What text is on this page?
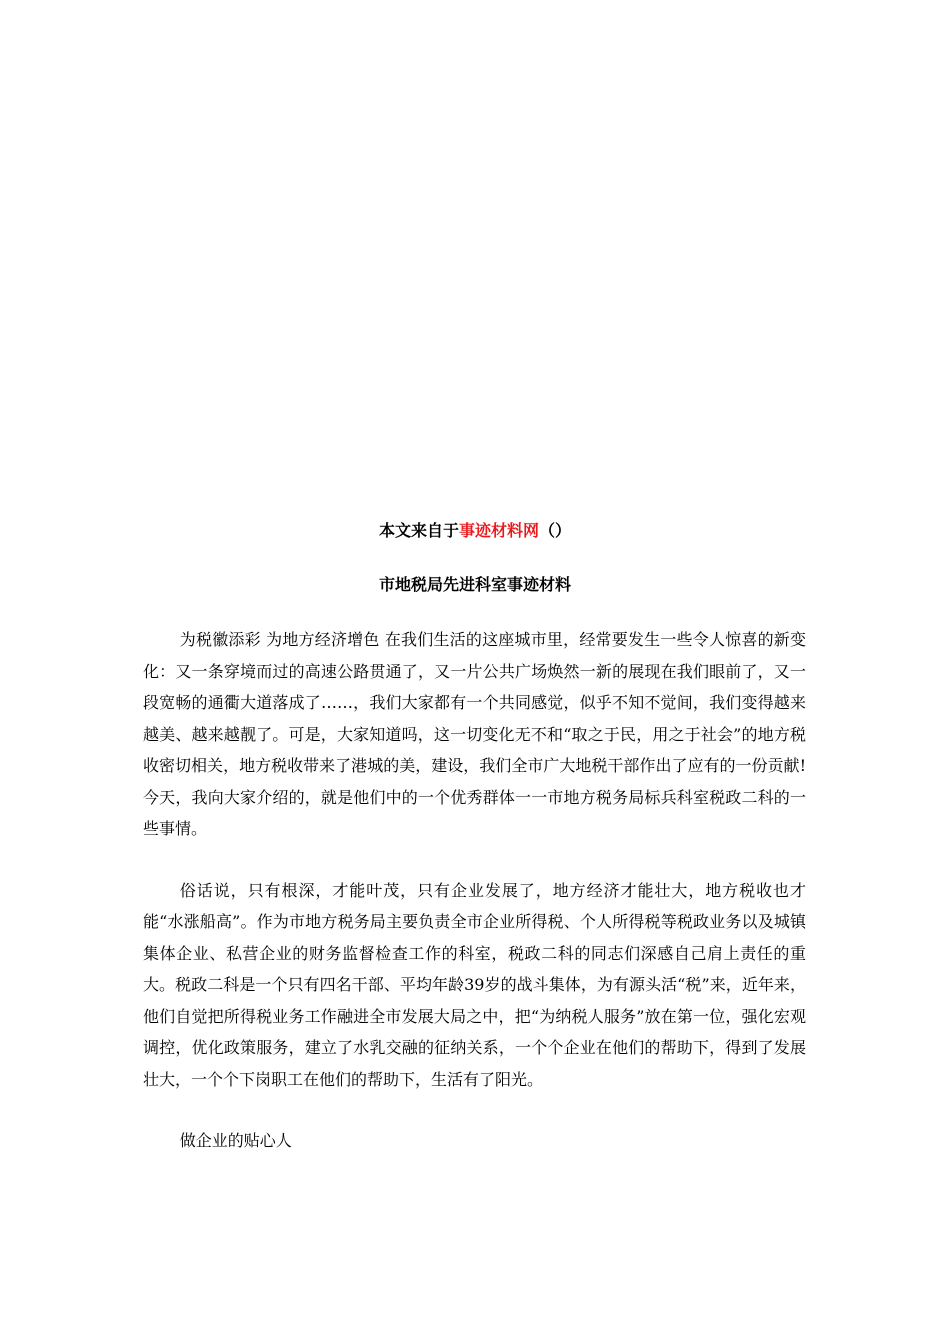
本文来自于事迹材料网（）
市地税局先进科室事迹材料

为税徽添彩 为地方经济增色 在我们生活的这座城市里，经常要发生一些令人惊喜的新变化：又一条穿境而过的高速公路贯通了，又一片公共广场焕然一新的展现在我们眼前了，又一段宽畅的通衢大道落成了……，我们大家都有一个共同感觉，似乎不知不觉间，我们变得越来越美、越来越靓了。可是，大家知道吗，这一切变化无不和“取之于民，用之于社会”的地方税收密切相关，地方税收带来了港城的美，建设，我们全市广大地税干部作出了应有的一份贡献!今天，我向大家介绍的，就是他们中的一个优秀群体一一市地方税务局标兵科室税政二科的一些事情。

俗话说，只有根深，才能叶茂，只有企业发展了，地方经济才能壮大，地方税收也才能“水涨船高”。作为市地方税务局主要负责全市企业所得税、个人所得税等税政业务以及城镇集体企业、私营企业的财务监督检查工作的科室，税政二科的同志们深感自己肩上责任的重大。税政二科是一个只有四名干部、平均年龄39岁的战斗集体，为有源头活“税”来，近年来，他们自觉把所得税业务工作融进全市发展大局之中，把“为纳税人服务”放在第一位，强化宏观调控，优化政策服务，建立了水乳交融的征纳关系，一个个企业在他们的帮助下，得到了发展壮大，一个个下岗职工在他们的帮助下，生活有了阳光。

做企业的贴心人
